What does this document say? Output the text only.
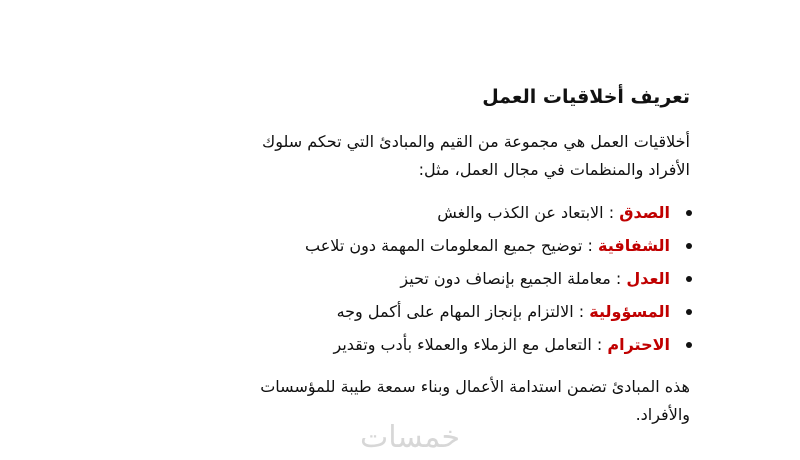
تعريف أخلاقيات العمل

أخلاقيات العمل هي مجموعة من القيم والمبادئ التي تحكم سلوك الأفراد والمنظمات في مجال العمل، مثل:

الصدق : الابتعاد عن الكذب والغش
الشفافية : توضيح جميع المعلومات المهمة دون تلاعب
العدل : معاملة الجميع بإنصاف دون تحيز
المسؤولية : الالتزام بإنجاز المهام على أكمل وجه
الاحترام : التعامل مع الزملاء والعملاء بأدب وتقدير

هذه المبادئ تضمن استدامة الأعمال وبناء سمعة طيبة للمؤسسات والأفراد.

خمسات
